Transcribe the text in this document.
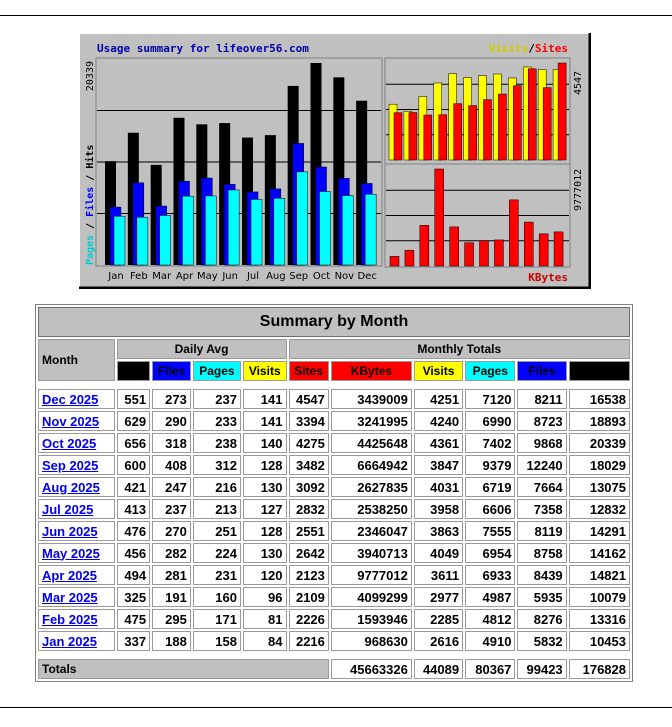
Usage summary for lifeover56.com
Jan Feb Mar Apr May Jun Jul Aug Sep Oct Nov Dec
20339
Pages / Files / Hits
Visits/Sites
4547
KBytes
9777012
Summary by Month										
Month	Daily Avg				Monthly Totals					
	Hits	Files	Pages	Visits	Sites	KBytes	Visits	Pages	Files	Hits

Dec 2025	551	273	237	141	4547	3439009	4251	7120	8211	16538
Nov 2025	629	290	233	141	3394	3241995	4240	6990	8723	18893
Oct 2025	656	318	238	140	4275	4425648	4361	7402	9868	20339
Sep 2025	600	408	312	128	3482	6664942	3847	9379	12240	18029
Aug 2025	421	247	216	130	3092	2627835	4031	6719	7664	13075
Jul 2025	413	237	213	127	2832	2538250	3958	6606	7358	12832
Jun 2025	476	270	251	128	2551	2346047	3863	7555	8119	14291
May 2025	456	282	224	130	2642	3940713	4049	6954	8758	14162
Apr 2025	494	281	231	120	2123	9777012	3611	6933	8439	14821
Mar 2025	325	191	160	96	2109	4099299	2977	4987	5935	10079
Feb 2025	475	295	171	81	2226	1593946	2285	4812	8276	13316
Jan 2025	337	188	158	84	2216	968630	2616	4910	5832	10453

Totals						45663326	44089	80367	99423	176828
